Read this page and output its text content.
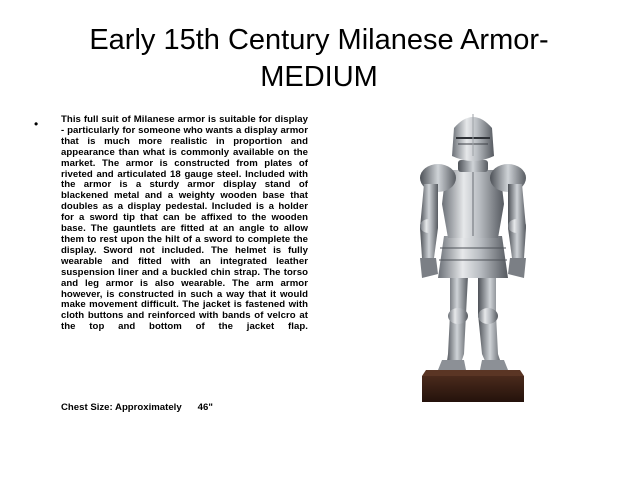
Early 15th Century Milanese Armor-
MEDIUM
• This full suit of Milanese armor is suitable for display - particularly for someone who wants a display armor that is much more realistic in proportion and appearance than what is commonly available on the market. The armor is constructed from plates of riveted and articulated 18 gauge steel. Included with the armor is a sturdy armor display stand of blackened metal and a weighty wooden base that doubles as a display pedestal. Included is a holder for a sword tip that can be affixed to the wooden base. The gauntlets are fitted at an angle to allow them to rest upon the hilt of a sword to complete the display. Sword not included. The helmet is fully wearable and fitted with an integrated leather suspension liner and a buckled chin strap. The torso and leg armor is also wearable. The arm armor however, is constructed in such a way that it would make movement difficult. The jacket is fastened with cloth buttons and reinforced with bands of velcro at the top and bottom of the jacket flap.

Chest Size: Approximately 46"
